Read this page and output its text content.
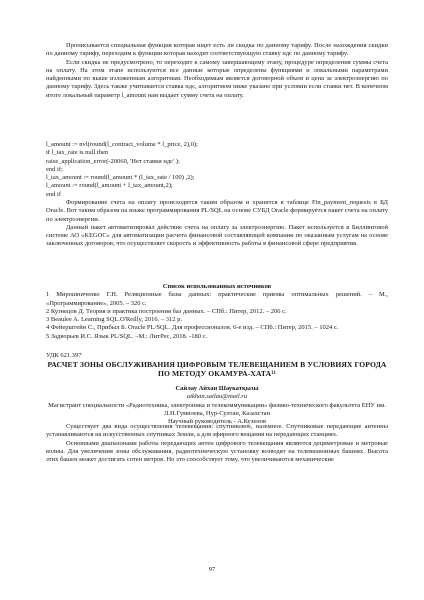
Прописывается специальная функция которая ищет есть ли скидка по данному тарифу. После нахождения скидки по данному тарифу, переходим к функции которая находит соответствующую ставку ндс по данному тарифу.

Если скидка не предусмотрено, то переходит к самому завершающему этапу, процедуре определения суммы счета на оплату. На этом этапе используются все данные которые определены функциями и локальными параметрами найденными по выше изложенным алгоритмам. Необходимым является договорной объем и цена за электроэнергию по данному тарифу. Здесь также учитывается ставка ндс, алгоритмом ниже указано при условии если ставки нет. В конечном итоге локальный параметр l_amount нам выдает сумму счета на оплату.

l_amount := nvl(round(l_contract_volume * l_price, 2),0);
if l_tax_rate is null then
raise_application_error(-20060, 'Нет ставки ндс' );
end if;
l_tax_amount := round(l_amount * (l_tax_rate / 100) ,2);
l_amount := round(l_amount + l_tax_amount,2);
end if

Формирование счета на оплату происходится таким образом и хранится в таблице Fin_payment_requests в БД Oracle. Вот таким образом на языке программирования PL/SQL на основе СУБД Oracle формируется пакет счета на оплату по электроэнергии.

Данный пакет автоматизировал действие счета на оплату за электроэнергию. Пакет используется в Биллинговой системе АО «KEGOC» для автоматизации расчета финансовой составляющей компании по оказанным услугам на основе заключенных договоров, что осуществляет скорость и эффективность работы в финансовой сфере предприятия.

Список использованных источников

1 Мирошниченко Г.Н. Реляционные базы данных: практические приемы оптимальных решений. – М., «Программирование», 2005. – 320 с.

2 Кузнецов Д. Теория и практика построения баз данных. – СПб.: Питер, 2012. – 206 с.

3 Beaulee A. Learning SQL.O'Reilly, 2016. – 312 р.

4 Фейерштейн С., Прибыл Б. Oracle PL/SQL. Для профессионалов. 6-е изд. – СПб.: Питер, 2015. – 1024 с.

5 Задворьев И.С. Язык PL/SQL. –М.: ЛитРес, 2018. -180 с.

УДК 621.397

РАСЧЕТ ЗОНЫ ОБСЛУЖИВАНИЯ ЦИФРОВЫМ ТЕЛЕВЕЩАНИЕМ В УСЛОВИЯХ ГОРОДА ПО МЕТОДУ ОКАМУРА-ХАТА¹¹

Сайлау Айхан Шаукатқызы

aikhan.sailau@mail.ru

Магистрант специальности «Радиотехника, электроника и телекоммуникации» физико-технического факультета ЕНУ им. Л.Н.Гумилева, Нур-Султан, Казахстан

Научный руководитель - А.Кузенов

Существует два вида осуществления телевещания: спутниковое, наземное. Спутниковые передающие антенны устанавливаются на искусственных спутниках Земли, а для эфирного вещания на передающих станциях.

Основными диапазонами работы передающих антен цифрового телевещания являются дециметровые и метровые волны. Для увеличения зоны обслуживания, радиотехническую установку возводят на телевизионных башнях. Высота этих башен может достигать сотен метров. Но это способствует тому, что увеличиваются механические

97
